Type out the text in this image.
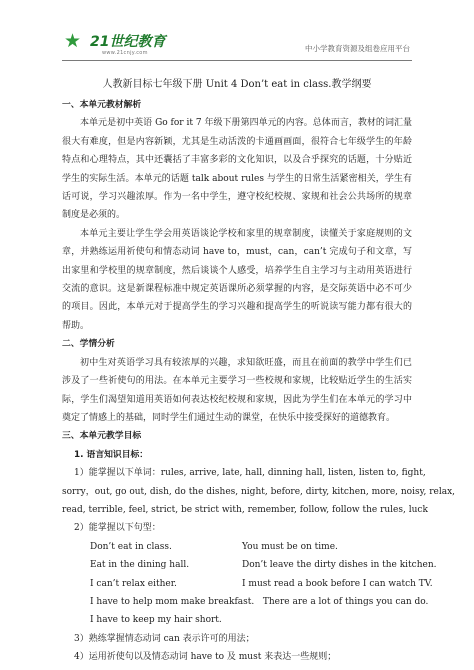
★ 21世纪教育
www.21cnjy.com	中小学教育资源及组卷应用平台

人教新目标七年级下册 Unit 4 Don’t eat in class.教学纲要

一、本单元教材解析

本单元是初中英语 Go for it 7 年级下册第四单元的内容。总体而言，教材的词汇量很大有难度，但是内容新颖，尤其是生动活泼的卡通画画面，很符合七年级学生的年龄特点和心理特点，其中还囊括了丰富多彩的文化知识，以及合乎探究的话题，十分贴近学生的实际生活。本单元的话题 talk about rules 与学生的日常生活紧密相关，学生有话可说，学习兴趣浓厚。作为一名中学生，遵守校纪校规、家规和社会公共场所的规章制度是必须的。

本单元主要让学生学会用英语谈论学校和家里的规章制度，读懂关于家庭规则的文章，并熟练运用祈使句和情态动词 have to，must，can，can’t 完成句子和文章，写出家里和学校里的规章制度，然后谈谈个人感受，培养学生自主学习与主动用英语进行交流的意识。这是新课程标准中规定英语课所必须掌握的内容，是交际英语中必不可少的项目。因此，本单元对于提高学生的学习兴趣和提高学生的听说读写能力都有很大的帮助。

二、学情分析

初中生对英语学习具有较浓厚的兴趣，求知欲旺盛，而且在前面的教学中学生们已涉及了一些祈使句的用法。在本单元主要学习一些校规和家规，比较贴近学生的生活实际，学生们渴望知道用英语如何表达校纪校规和家规，因此为学生们在本单元的学习中奠定了情感上的基础，同时学生们通过生动的课堂，在快乐中接受探好的道德教育。

三、本单元教学目标

1. 语言知识目标：

1）能掌握以下单词：rules, arrive, late, hall, dinning hall, listen, listen to, fight,

sorry，out, go out, dish, do the dishes, night, before, dirty, kitchen, more, noisy, relax,

read, terrible, feel, strict, be strict with, remember, follow, follow the rules, luck

2）能掌握以下句型：

Don’t eat in class.	You must be on time.

Eat in the dining hall.	Don’t leave the dirty dishes in the kitchen.

I can’t relax either.	I must read a book before I can watch TV.

I have to help mom make breakfast. There are a lot of things you can do.

I have to keep my hair short.

3）熟练掌握情态动词 can 表示许可的用法；

4）运用祈使句以及情态动词 have to 及 must 来表达一些规则；
